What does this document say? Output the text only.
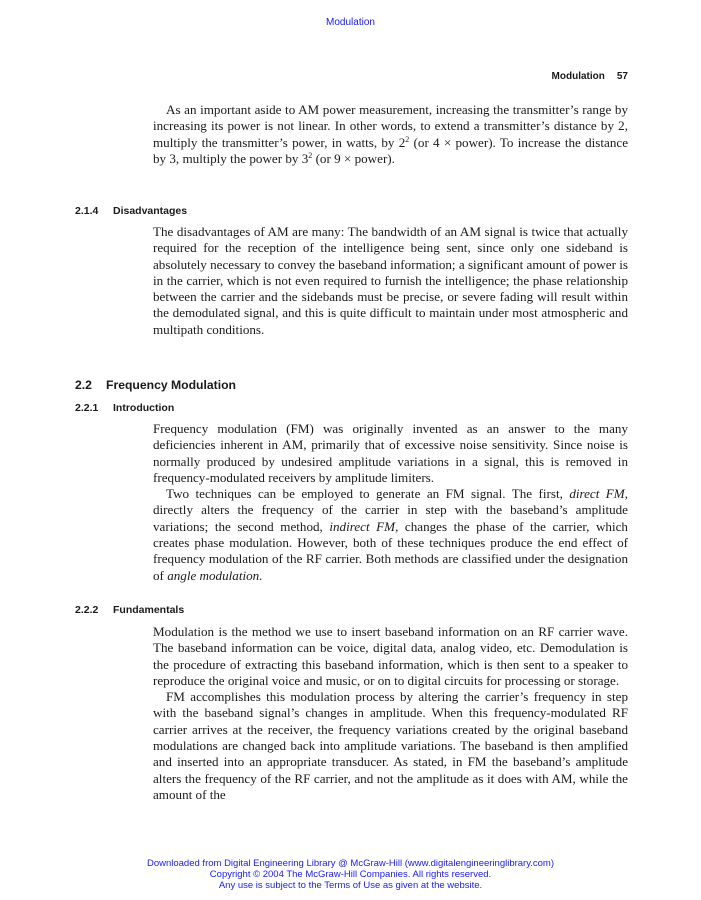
Modulation
Modulation 57

As an important aside to AM power measurement, increasing the transmitter’s range by increasing its power is not linear. In other words, to extend a transmitter’s distance by 2, multiply the transmitter’s power, in watts, by $2^2$ (or 4 × power). To increase the distance by 3, multiply the power by $3^2$ (or 9 × power).

2.1.4 Disadvantages

The disadvantages of AM are many: The bandwidth of an AM signal is twice that actually required for the reception of the intelligence being sent, since only one sideband is absolutely necessary to convey the baseband information; a significant amount of power is in the carrier, which is not even required to furnish the intelligence; the phase relationship between the carrier and the sidebands must be precise, or severe fading will result within the demodulated signal, and this is quite difficult to maintain under most atmospheric and multipath conditions.

2.2 Frequency Modulation
2.2.1 Introduction

Frequency modulation (FM) was originally invented as an answer to the many deficiencies inherent in AM, primarily that of excessive noise sensitivity. Since noise is normally produced by undesired amplitude variations in a signal, this is removed in frequency-modulated receivers by amplitude limiters.

Two techniques can be employed to generate an FM signal. The first, direct FM, directly alters the frequency of the carrier in step with the baseband’s amplitude variations; the second method, indirect FM, changes the phase of the carrier, which creates phase modulation. However, both of these techniques produce the end effect of frequency modulation of the RF carrier. Both methods are classified under the designation of angle modulation.

2.2.2 Fundamentals

Modulation is the method we use to insert baseband information on an RF carrier wave. The baseband information can be voice, digital data, analog video, etc. Demodulation is the procedure of extracting this baseband information, which is then sent to a speaker to reproduce the original voice and music, or on to digital circuits for processing or storage.

FM accomplishes this modulation process by altering the carrier’s frequency in step with the baseband signal’s changes in amplitude. When this frequency-modulated RF carrier arrives at the receiver, the frequency variations created by the original baseband modulations are changed back into amplitude variations. The baseband is then amplified and inserted into an appropriate transducer. As stated, in FM the baseband’s amplitude alters the frequency of the RF carrier, and not the amplitude as it does with AM, while the amount of the

Downloaded from Digital Engineering Library @ McGraw-Hill (www.digitalengineeringlibrary.com)
Copyright © 2004 The McGraw-Hill Companies. All rights reserved.
Any use is subject to the Terms of Use as given at the website.
